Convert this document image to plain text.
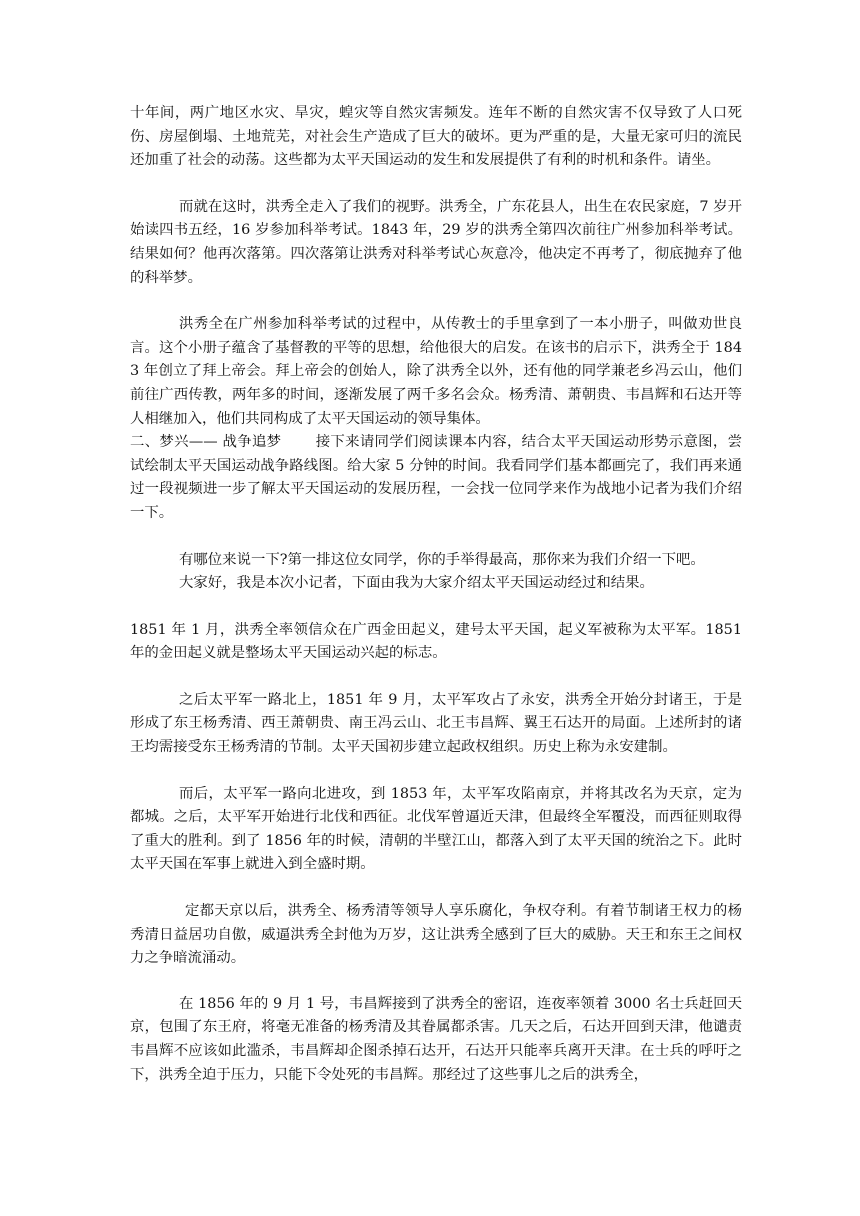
十年间，两广地区水灾、旱灾，蝗灾等自然灾害频发。连年不断的自然灾害不仅导致了人口死伤、房屋倒塌、土地荒芜，对社会生产造成了巨大的破坏。更为严重的是，大量无家可归的流民还加重了社会的动荡。这些都为太平天国运动的发生和发展提供了有利的时机和条件。请坐。

而就在这时，洪秀全走入了我们的视野。洪秀全，广东花县人，出生在农民家庭，7 岁开始读四书五经，16 岁参加科举考试。1843 年，29 岁的洪秀全第四次前往广州参加科举考试。结果如何？他再次落第。四次落第让洪秀对科举考试心灰意冷，他决定不再考了，彻底抛弃了他的科举梦。

洪秀全在广州参加科举考试的过程中，从传教士的手里拿到了一本小册子，叫做劝世良言。这个小册子蕴含了基督教的平等的思想，给他很大的启发。在该书的启示下，洪秀全于 1843 年创立了拜上帝会。拜上帝会的创始人，除了洪秀全以外，还有他的同学兼老乡冯云山，他们前往广西传教，两年多的时间，逐渐发展了两千多名会众。杨秀清、萧朝贵、韦昌辉和石达开等人相继加入，他们共同构成了太平天国运动的领导集体。

二、梦兴—— 战争追梦 接下来请同学们阅读课本内容，结合太平天国运动形势示意图，尝试绘制太平天国运动战争路线图。给大家 5 分钟的时间。我看同学们基本都画完了，我们再来通过一段视频进一步了解太平天国运动的发展历程，一会找一位同学来作为战地小记者为我们介绍一下。

有哪位来说一下?第一排这位女同学，你的手举得最高，那你来为我们介绍一下吧。

大家好，我是本次小记者，下面由我为大家介绍太平天国运动经过和结果。

1851 年 1 月，洪秀全率领信众在广西金田起义，建号太平天国，起义军被称为太平军。1851 年的金田起义就是整场太平天国运动兴起的标志。

之后太平军一路北上，1851 年 9 月，太平军攻占了永安，洪秀全开始分封诸王，于是形成了东王杨秀清、西王萧朝贵、南王冯云山、北王韦昌辉、翼王石达开的局面。上述所封的诸王均需接受东王杨秀清的节制。太平天国初步建立起政权组织。历史上称为永安建制。

而后，太平军一路向北进攻，到 1853 年，太平军攻陷南京，并将其改名为天京，定为都城。之后，太平军开始进行北伐和西征。北伐军曾逼近天津，但最终全军覆没，而西征则取得了重大的胜利。到了 1856 年的时候，清朝的半壁江山，都落入到了太平天国的统治之下。此时太平天国在军事上就进入到全盛时期。

定都天京以后，洪秀全、杨秀清等领导人享乐腐化，争权夺利。有着节制诸王权力的杨秀清日益居功自傲，威逼洪秀全封他为万岁，这让洪秀全感到了巨大的威胁。天王和东王之间权力之争暗流涌动。

在 1856 年的 9 月 1 号，韦昌辉接到了洪秀全的密诏，连夜率领着 3000 名士兵赶回天京，包围了东王府，将毫无准备的杨秀清及其眷属都杀害。几天之后，石达开回到天津，他谴责韦昌辉不应该如此滥杀，韦昌辉却企图杀掉石达开，石达开只能率兵离开天津。在士兵的呼吁之下，洪秀全迫于压力，只能下令处死的韦昌辉。那经过了这些事儿之后的洪秀全，
